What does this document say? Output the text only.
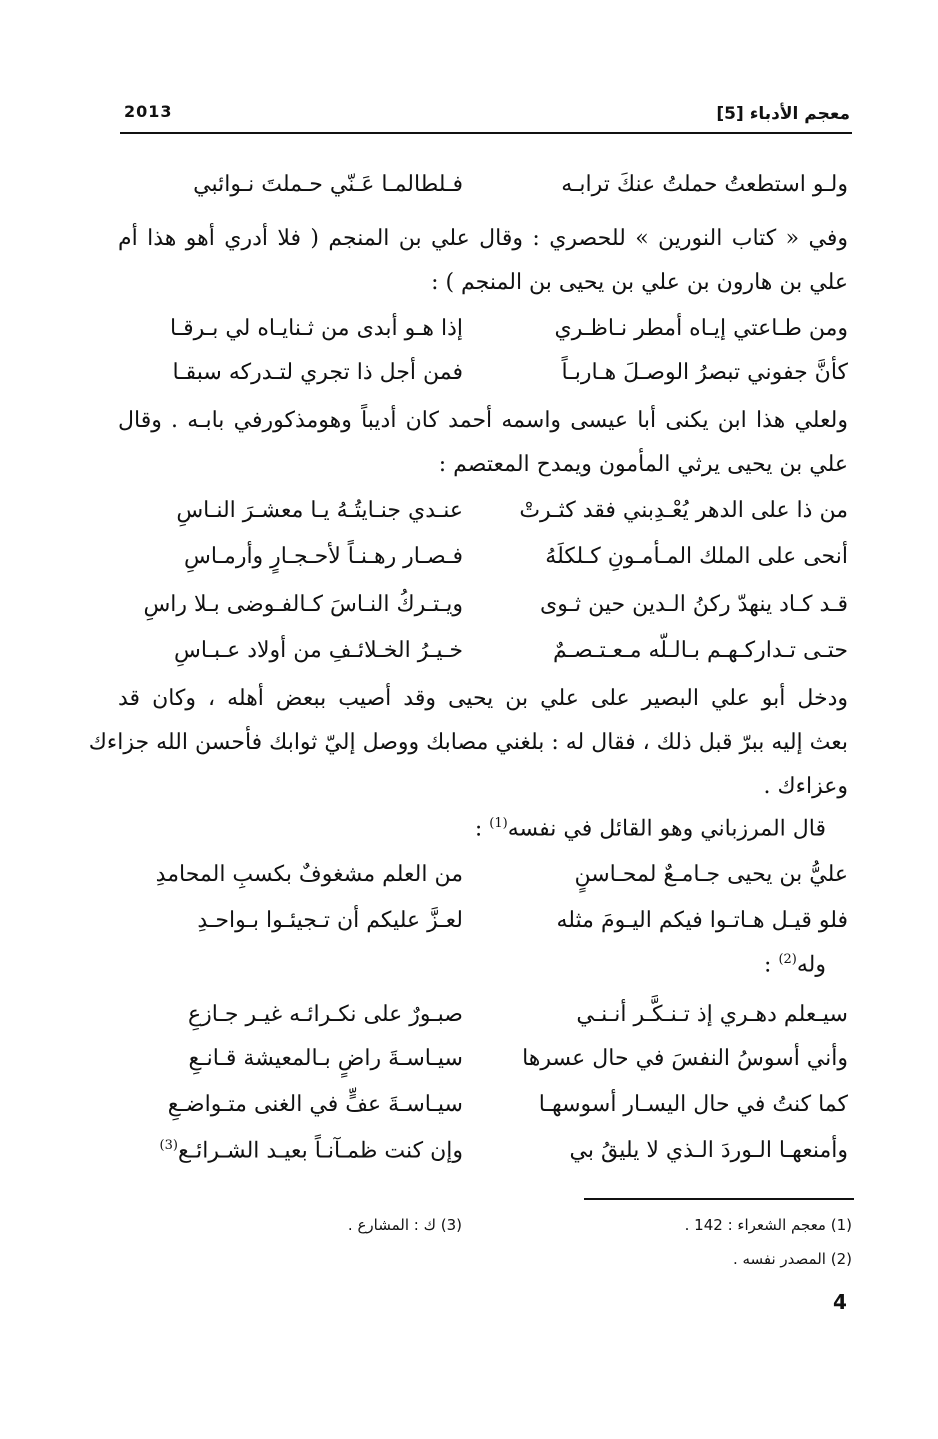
معجم الأدباء [5]
2013
ولـو استطعتُ حملتُ عنكَ ترابـه
فـلطالمـا عَـنّي حـملتَ نـوائبي
وفي « كتاب النورين » للحصري : وقال علي بن المنجم ( فلا أدري أهو هذا أم
علي بن هارون بن علي بن يحيى بن المنجم ) :
ومن طـاعتي إيـاه أمطر نـاظـري
إذا هـو أبدى من ثـنايـاه لي بـرقـا
كأنَّ جفوني تبصرُ الوصـلَ هـاربـاً
فمن أجل ذا تجري لتـدركه سبقـا
ولعلي هذا ابن يكنى أبا عيسى واسمه أحمد كان أديباً وهومذكورفي بابـه . وقال
علي بن يحيى يرثي المأمون ويمدح المعتصم :
من ذا على الدهر يُعْـدِبني فقد كثـرتْ
عنـدي جنـايتُـهُ يـا معشـرَ النـاسِ
أنحى على الملك المـأمـونِ كـلكلَهُ
فـصـار رهـنـاً لأحـجـارٍ وأرمـاسِ
قـد كـاد ينهدّ ركنُ الـدين حين ثـوى
ويـتـركُ النـاسَ كـالفـوضى بـلا راسِ
حتـى تـداركـهـم بـالـلّه مـعـتـصـمٌ
خـيـرُ الخـلائـفِ من أولاد عـبـاسِ
ودخل أبو علي البصير على علي بن يحيى وقد أصيب ببعض أهله ، وكان قد
بعث إليه ببرّ قبل ذلك ، فقال له : بلغني مصابك ووصل إليّ ثوابك فأحسن الله جزاءك
وعزاءك .
قال المرزباني وهو القائل في نفسه$^{(1)}$ :
عليُّ بن يحيى جـامـعٌ لمحـاسنٍ
من العلم مشغوفٌ بكسبِ المحامدِ
فلو قيـل هـاتـوا فيكم اليـومَ مثله
لعـزَّ عليكم أن تـجيئـوا بـواحـدِ
وله$^{(2)}$ :
سيـعلم دهـري إذ تـنـكَّـر أنـنـي
صبـورٌ على نكـرائـه غيـر جـازعِ
وأني أسوسُ النفسَ في حال عسرها
سيـاسـةَ راضٍ بـالمعيشة قـانـعِ
كما كنتُ في حال اليسـار أسوسهـا
سيـاسـةَ عفٍّ في الغنى متـواضـعِ
وأمنعهـا الـوردَ الـذي لا يليقُ بي
وإن كنت ظمـآنـاً بعيـد الشـرائـع$^{(3)}$
(1) معجم الشعراء : 142 .
(2) المصدر نفسه .
(3) ك : المشارع .
4
